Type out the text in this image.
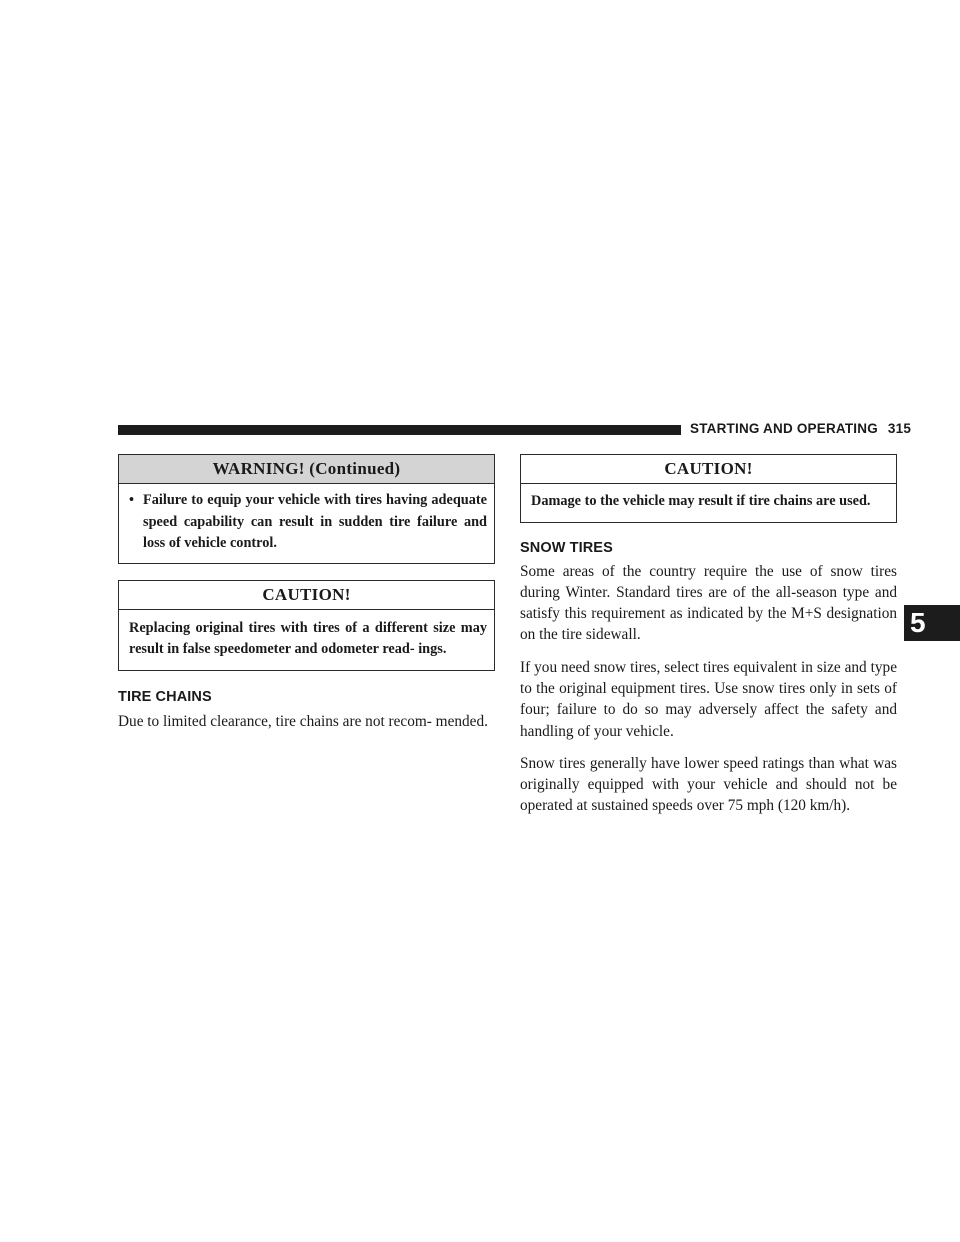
STARTING AND OPERATING 315
5
WARNING! (Continued)
• Failure to equip your vehicle with tires having adequate speed capability can result in sudden tire failure and loss of vehicle control.
CAUTION!
Replacing original tires with tires of a different size may result in false speedometer and odometer read- ings.
TIRE CHAINS

Due to limited clearance, tire chains are not recom- mended.

CAUTION!
Damage to the vehicle may result if tire chains are used.
SNOW TIRES

Some areas of the country require the use of snow tires during Winter. Standard tires are of the all-season type and satisfy this requirement as indicated by the M+S designation on the tire sidewall.

If you need snow tires, select tires equivalent in size and type to the original equipment tires. Use snow tires only in sets of four; failure to do so may adversely affect the safety and handling of your vehicle.

Snow tires generally have lower speed ratings than what was originally equipped with your vehicle and should not be operated at sustained speeds over 75 mph (120 km/h).
